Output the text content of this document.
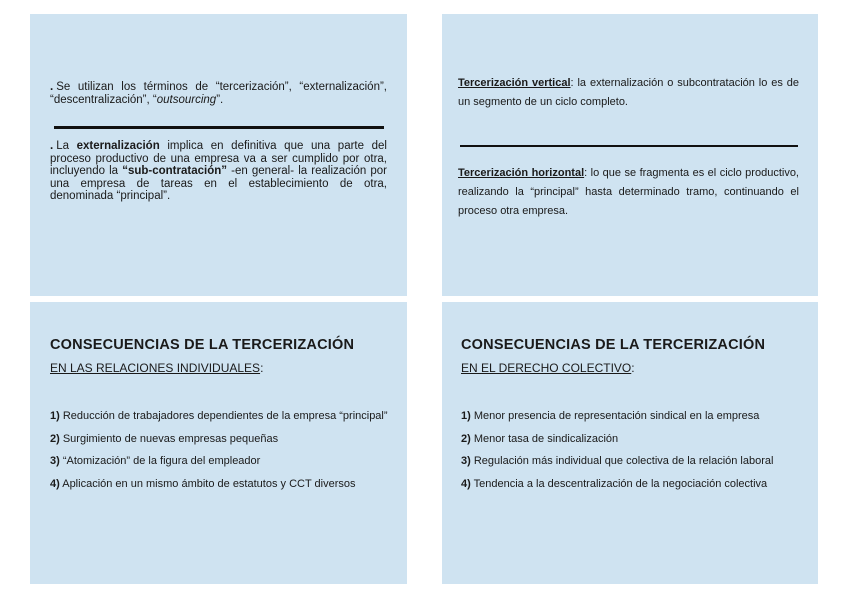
. Se utilizan los términos de “tercerización”, “externalización”, “descentralización”, “outsourcing”.
. La externalización implica en definitiva que una parte del proceso productivo de una empresa va a ser cumplido por otra, incluyendo la “sub-contratación” -en general- la realización por una empresa de tareas en el establecimiento de otra, denominada “principal”.
Tercerización vertical: la externalización o subcontratación lo es de un segmento de un ciclo completo.
Tercerización horizontal: lo que se fragmenta es el ciclo productivo, realizando la “principal” hasta determinado tramo, continuando el proceso otra empresa.
CONSECUENCIAS DE LA TERCERIZACIÓN
EN LAS RELACIONES INDIVIDUALES:
1) Reducción de trabajadores dependientes de la empresa “principal”
2) Surgimiento de nuevas empresas pequeñas
3) “Atomización” de la figura del empleador
4) Aplicación en un mismo ámbito de estatutos y CCT diversos
CONSECUENCIAS DE LA TERCERIZACIÓN
EN EL DERECHO COLECTIVO:
1) Menor presencia de representación sindical en la empresa
2) Menor tasa de sindicalización
3) Regulación más individual que colectiva de la relación laboral
4) Tendencia a la descentralización de la negociación colectiva
